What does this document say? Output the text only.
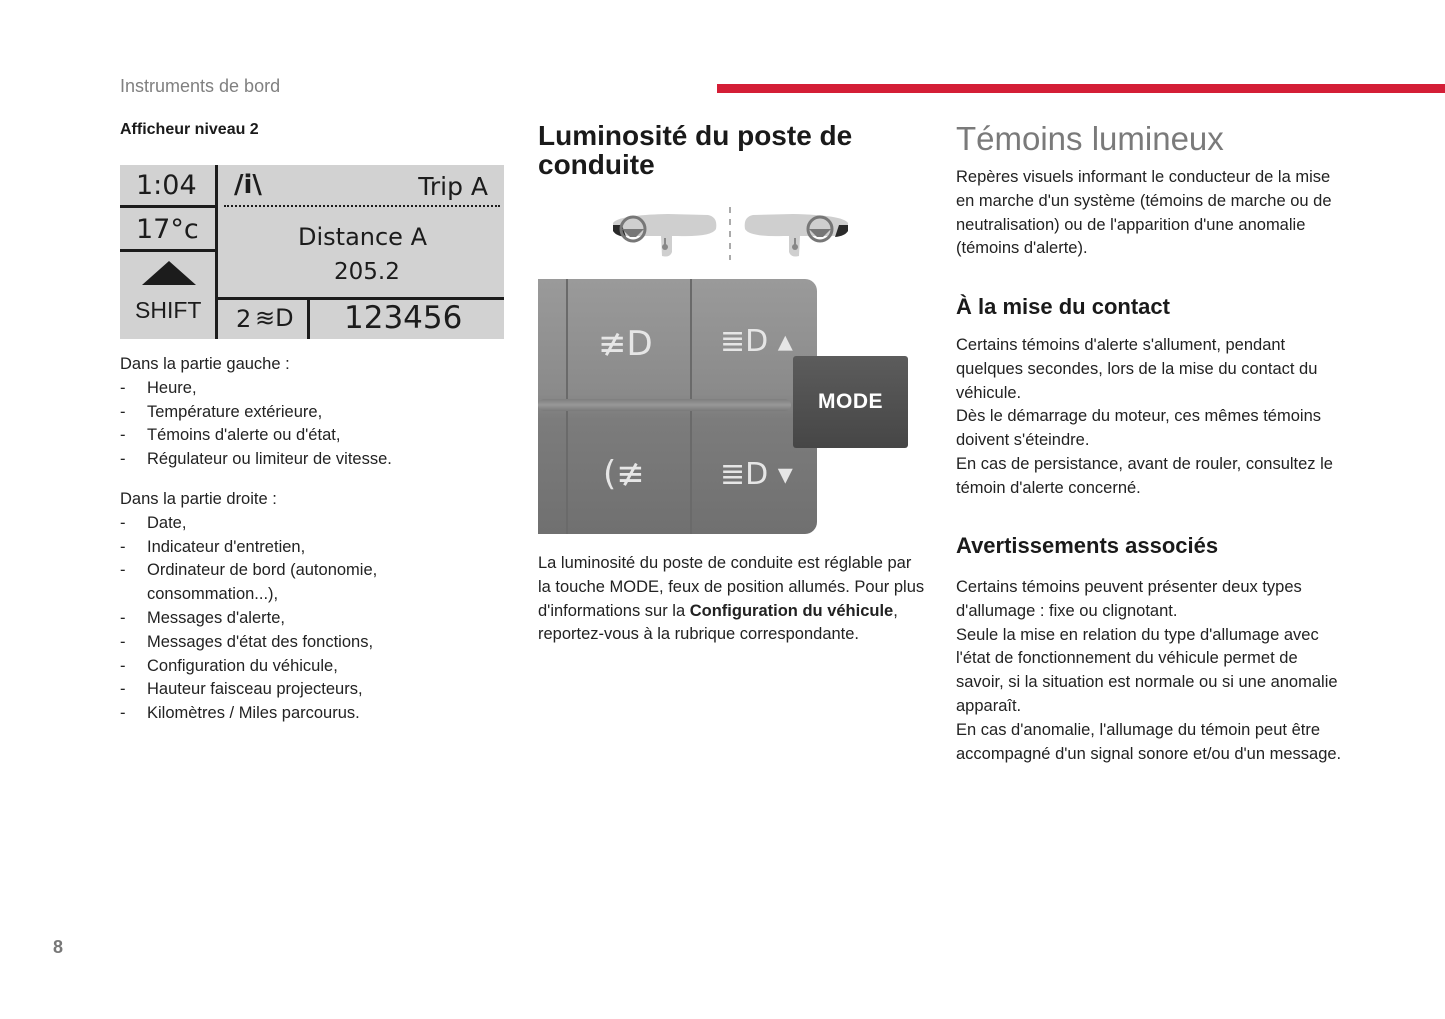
Instruments de bord
Afficheur niveau 2
1:04
17°c
SHIFT
/i\	Trip A
Distance A
205.2
2 ≋D 123456
Dans la partie gauche :
- Heure,
- Température extérieure,
- Témoins d'alerte ou d'état,
- Régulateur ou limiteur de vitesse.
Dans la partie droite :
- Date,
- Indicateur d'entretien,
- Ordinateur de bord (autonomie, consommation...),
- Messages d'alerte,
- Messages d'état des fonctions,
- Configuration du véhicule,
- Hauteur faisceau projecteurs,
- Kilomètres / Miles parcourus.
Luminosité du poste de conduite
≢D ≣D ▴
(≢	≣D ▾
MODE
La luminosité du poste de conduite est réglable par la touche MODE, feux de position allumés. Pour plus d'informations sur la Configuration du véhicule, reportez-vous à la rubrique correspondante.
Témoins lumineux
Repères visuels informant le conducteur de la mise en marche d'un système (témoins de marche ou de neutralisation) ou de l'apparition d'une anomalie (témoins d'alerte).
À la mise du contact
Certains témoins d'alerte s'allument, pendant quelques secondes, lors de la mise du contact du véhicule.
Dès le démarrage du moteur, ces mêmes témoins doivent s'éteindre.
En cas de persistance, avant de rouler, consultez le témoin d'alerte concerné.
Avertissements associés
Certains témoins peuvent présenter deux types d'allumage : fixe ou clignotant.
Seule la mise en relation du type d'allumage avec l'état de fonctionnement du véhicule permet de savoir, si la situation est normale ou si une anomalie apparaît.
En cas d'anomalie, l'allumage du témoin peut être accompagné d'un signal sonore et/ou d'un message.
8
